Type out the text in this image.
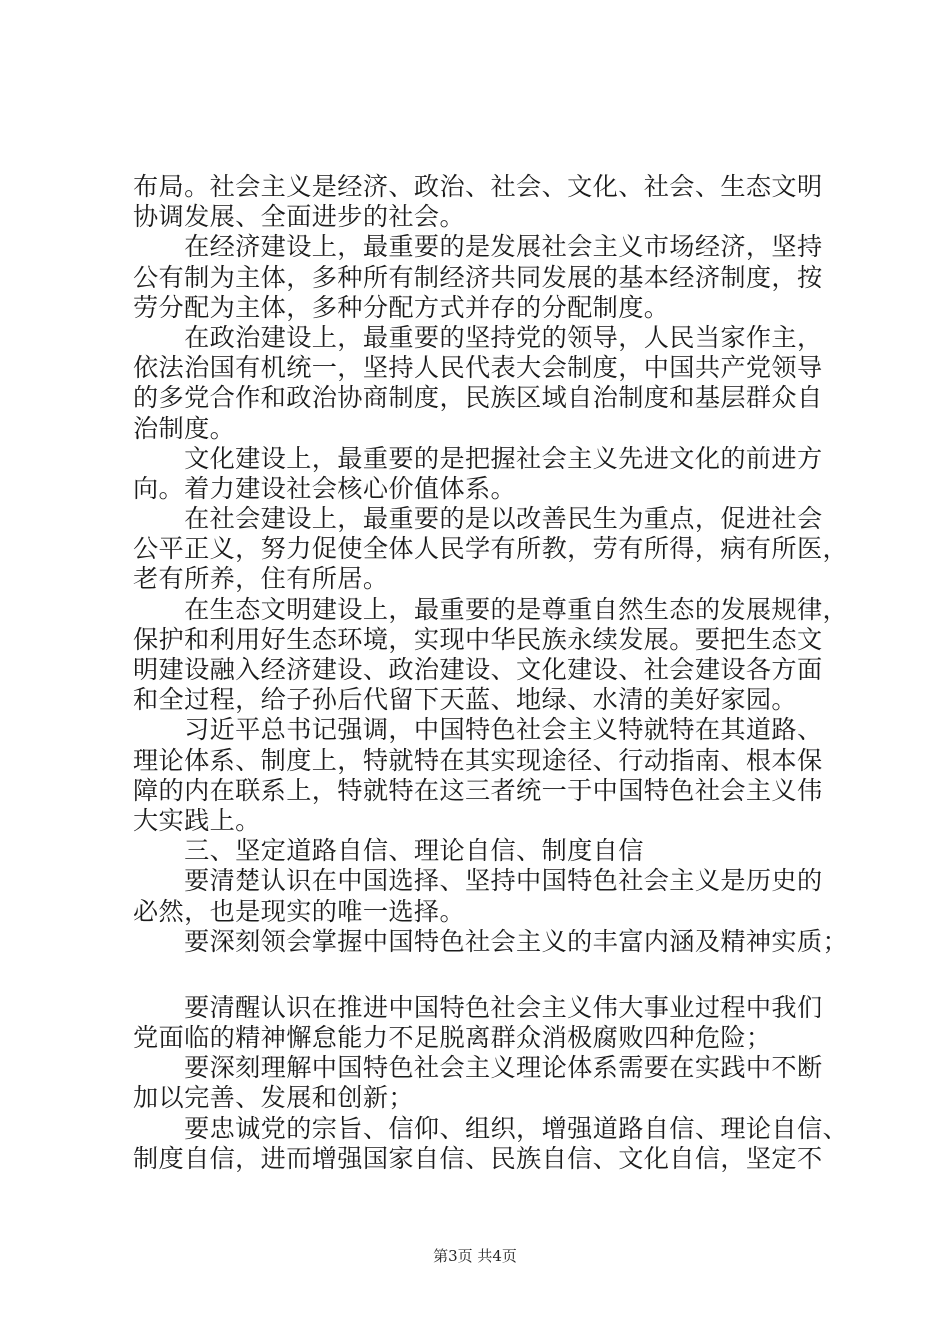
布局。社会主义是经济、政治、社会、文化、社会、生态文明
协调发展、全面进步的社会。
　　在经济建设上，最重要的是发展社会主义市场经济，坚持
公有制为主体，多种所有制经济共同发展的基本经济制度，按
劳分配为主体，多种分配方式并存的分配制度。
　　在政治建设上，最重要的坚持党的领导，人民当家作主，
依法治国有机统一，坚持人民代表大会制度，中国共产党领导
的多党合作和政治协商制度，民族区域自治制度和基层群众自
治制度。
　　文化建设上，最重要的是把握社会主义先进文化的前进方
向。着力建设社会核心价值体系。
　　在社会建设上，最重要的是以改善民生为重点，促进社会
公平正义，努力促使全体人民学有所教，劳有所得，病有所医，
老有所养，住有所居。
　　在生态文明建设上，最重要的是尊重自然生态的发展规律，
保护和利用好生态环境，实现中华民族永续发展。要把生态文
明建设融入经济建设、政治建设、文化建设、社会建设各方面
和全过程，给子孙后代留下天蓝、地绿、水清的美好家园。
　　习近平总书记强调，中国特色社会主义特就特在其道路、
理论体系、制度上，特就特在其实现途径、行动指南、根本保
障的内在联系上，特就特在这三者统一于中国特色社会主义伟
大实践上。
　　三、坚定道路自信、理论自信、制度自信
　　要清楚认识在中国选择、坚持中国特色社会主义是历史的
必然，也是现实的唯一选择。
　　要深刻领会掌握中国特色社会主义的丰富内涵及精神实质；
　　要清醒认识在推进中国特色社会主义伟大事业过程中我们
党面临的精神懈怠能力不足脱离群众消极腐败四种危险；
　　要深刻理解中国特色社会主义理论体系需要在实践中不断
加以完善、发展和创新；
　　要忠诚党的宗旨、信仰、组织，增强道路自信、理论自信、
制度自信，进而增强国家自信、民族自信、文化自信，坚定不
第3页 共4页
